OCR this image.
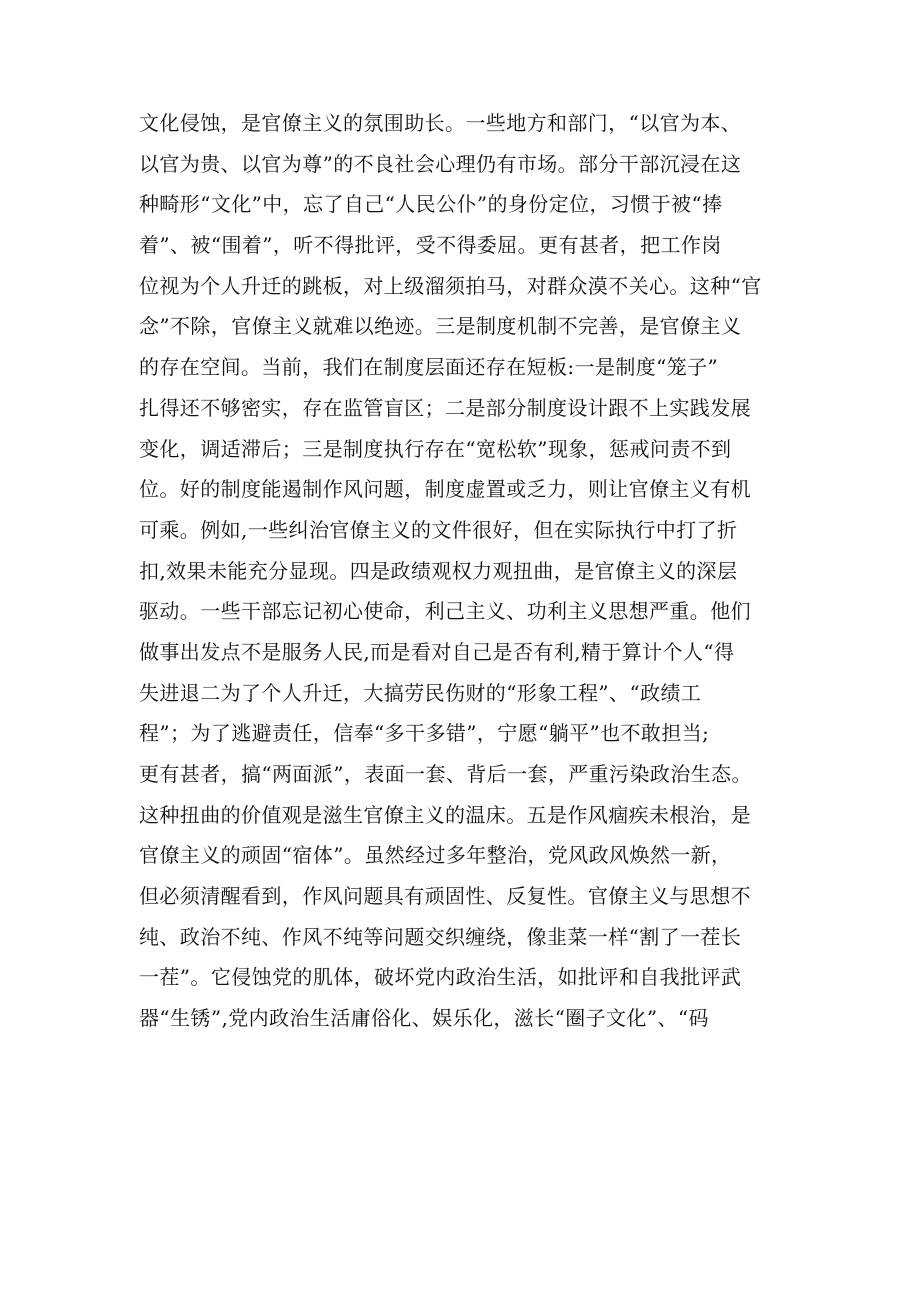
文化侵蚀，是官僚主义的氛围助长。一些地方和部门，“以官为本、
以官为贵、以官为尊”的不良社会心理仍有市场。部分干部沉浸在这
种畸形“文化”中，忘了自己“人民公仆”的身份定位，习惯于被“捧
着”、被“围着”，听不得批评，受不得委屈。更有甚者，把工作岗
位视为个人升迁的跳板，对上级溜须拍马，对群众漠不关心。这种“官
念”不除，官僚主义就难以绝迹。三是制度机制不完善，是官僚主义
的存在空间。当前，我们在制度层面还存在短板:一是制度“笼子”
扎得还不够密实，存在监管盲区；二是部分制度设计跟不上实践发展
变化，调适滞后；三是制度执行存在“宽松软”现象，惩戒问责不到
位。好的制度能遏制作风问题，制度虚置或乏力，则让官僚主义有机
可乘。例如,一些纠治官僚主义的文件很好，但在实际执行中打了折
扣,效果未能充分显现。四是政绩观权力观扭曲，是官僚主义的深层
驱动。一些干部忘记初心使命，利己主义、功利主义思想严重。他们
做事出发点不是服务人民,而是看对自己是否有利,精于算计个人“得
失进退二为了个人升迁，大搞劳民伤财的“形象工程”、“政绩工
程”；为了逃避责任，信奉“多干多错”，宁愿“躺平”也不敢担当;
更有甚者，搞“两面派”，表面一套、背后一套，严重污染政治生态。
这种扭曲的价值观是滋生官僚主义的温床。五是作风痼疾未根治，是
官僚主义的顽固“宿体”。虽然经过多年整治，党风政风焕然一新，
但必须清醒看到，作风问题具有顽固性、反复性。官僚主义与思想不
纯、政治不纯、作风不纯等问题交织缠绕，像韭菜一样“割了一茬长
一茬”。它侵蚀党的肌体，破坏党内政治生活，如批评和自我批评武
器“生锈”,党内政治生活庸俗化、娱乐化，滋长“圈子文化”、“码
